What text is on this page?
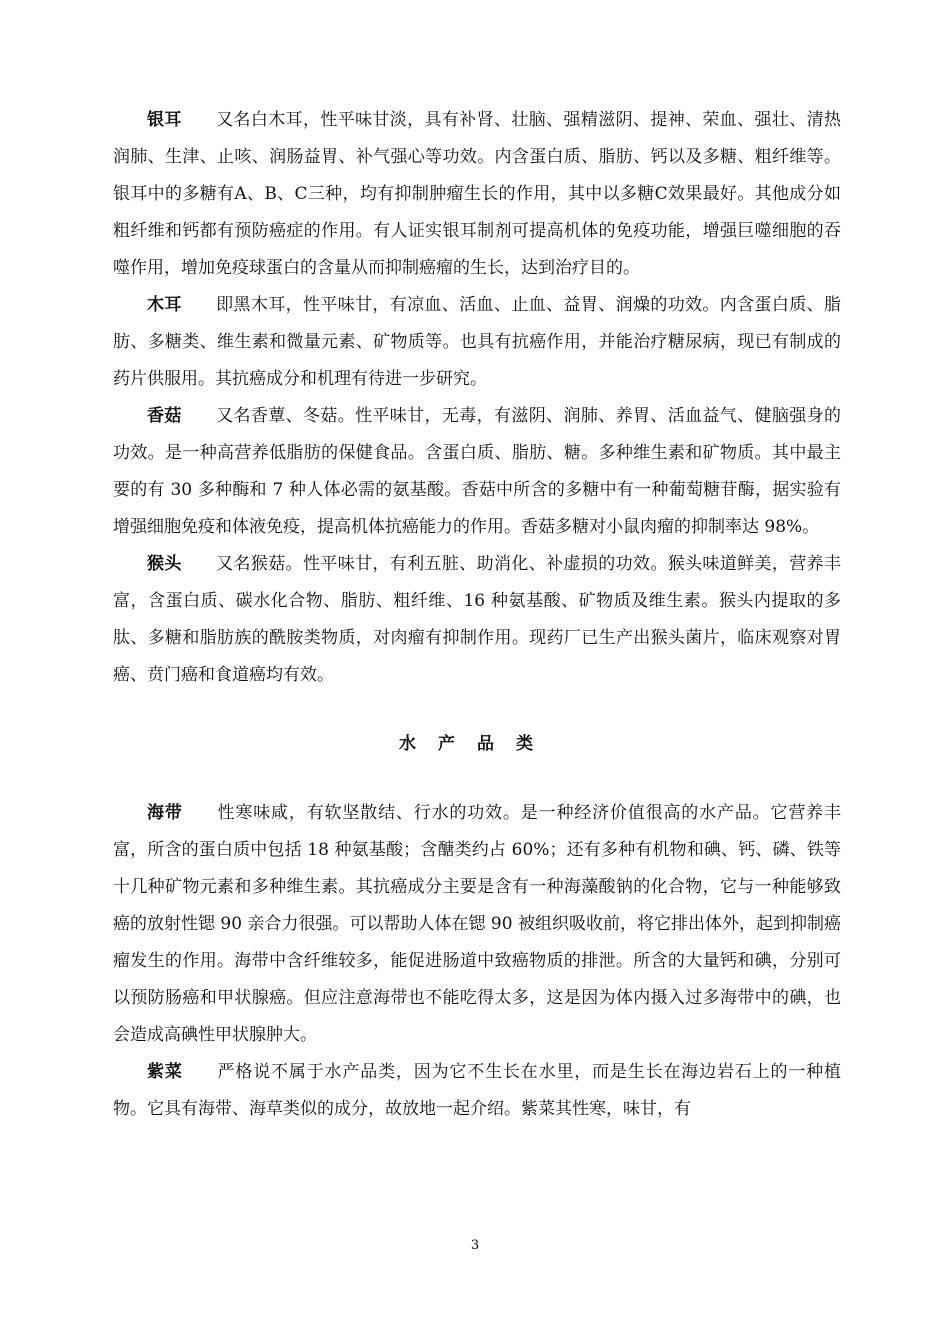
银耳 又名白木耳，性平味甘淡，具有补肾、壮脑、强精滋阴、提神、荣血、强壮、清热润肺、生津、止咳、润肠益胃、补气强心等功效。内含蛋白质、脂肪、钙以及多糖、粗纤维等。银耳中的多糖有A、B、C三种，均有抑制肿瘤生长的作用，其中以多糖C效果最好。其他成分如粗纤维和钙都有预防癌症的作用。有人证实银耳制剂可提高机体的免疫功能，增强巨噬细胞的吞噬作用，增加免疫球蛋白的含量从而抑制癌瘤的生长，达到治疗目的。

木耳 即黑木耳，性平味甘，有凉血、活血、止血、益胃、润燥的功效。内含蛋白质、脂肪、多糖类、维生素和微量元素、矿物质等。也具有抗癌作用，并能治疗糖尿病，现已有制成的药片供服用。其抗癌成分和机理有待进一步研究。

香菇 又名香蕈、冬菇。性平味甘，无毒，有滋阴、润肺、养胃、活血益气、健脑强身的功效。是一种高营养低脂肪的保健食品。含蛋白质、脂肪、糖。多种维生素和矿物质。其中最主要的有 30 多种酶和 7 种人体必需的氨基酸。香菇中所含的多糖中有一种葡萄糖苷酶，据实验有增强细胞免疫和体液免疫，提高机体抗癌能力的作用。香菇多糖对小鼠肉瘤的抑制率达 98%。

猴头 又名猴菇。性平味甘，有利五脏、助消化、补虚损的功效。猴头味道鲜美，营养丰富，含蛋白质、碳水化合物、脂肪、粗纤维、16 种氨基酸、矿物质及维生素。猴头内提取的多肽、多糖和脂肪族的酰胺类物质，对肉瘤有抑制作用。现药厂已生产出猴头菌片，临床观察对胃癌、贲门癌和食道癌均有效。

水产品类

海带 性寒味咸，有软坚散结、行水的功效。是一种经济价值很高的水产品。它营养丰富，所含的蛋白质中包括 18 种氨基酸；含醣类约占 60%；还有多种有机物和碘、钙、磷、铁等十几种矿物元素和多种维生素。其抗癌成分主要是含有一种海藻酸钠的化合物，它与一种能够致癌的放射性锶 90 亲合力很强。可以帮助人体在锶 90 被组织吸收前，将它排出体外，起到抑制癌瘤发生的作用。海带中含纤维较多，能促进肠道中致癌物质的排泄。所含的大量钙和碘，分别可以预防肠癌和甲状腺癌。但应注意海带也不能吃得太多，这是因为体内摄入过多海带中的碘，也会造成高碘性甲状腺肿大。

紫菜 严格说不属于水产品类，因为它不生长在水里，而是生长在海边岩石上的一种植物。它具有海带、海草类似的成分，故放地一起介绍。紫菜其性寒，味甘，有

3
